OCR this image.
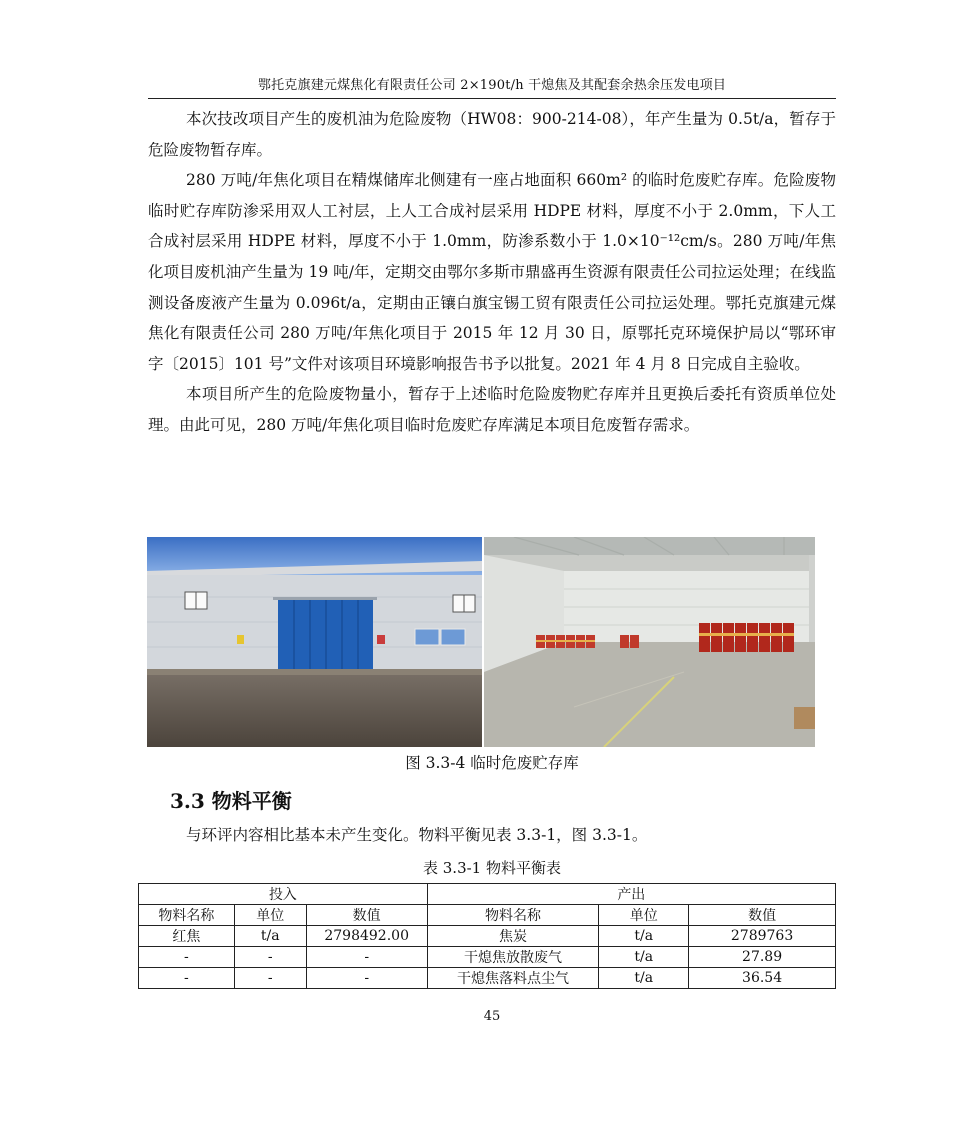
鄂托克旗建元煤焦化有限责任公司 2×190t/h 干熄焦及其配套余热余压发电项目

本次技改项目产生的废机油为危险废物（HW08：900-214-08），年产生量为 0.5t/a，暂存于危险废物暂存库。

280 万吨/年焦化项目在精煤储库北侧建有一座占地面积 660m² 的临时危废贮存库。危险废物临时贮存库防渗采用双人工衬层，上人工合成衬层采用 HDPE 材料，厚度不小于 2.0mm，下人工合成衬层采用 HDPE 材料，厚度不小于 1.0mm，防渗系数小于 1.0×10⁻¹²cm/s。280 万吨/年焦化项目废机油产生量为 19 吨/年，定期交由鄂尔多斯市鼎盛再生资源有限责任公司拉运处理；在线监测设备废液产生量为 0.096t/a，定期由正镶白旗宝锡工贸有限责任公司拉运处理。鄂托克旗建元煤焦化有限责任公司 280 万吨/年焦化项目于 2015 年 12 月 30 日，原鄂托克环境保护局以“鄂环审字〔2015〕101 号”文件对该项目环境影响报告书予以批复。2021 年 4 月 8 日完成自主验收。

本项目所产生的危险废物量小，暂存于上述临时危险废物贮存库并且更换后委托有资质单位处理。由此可见，280 万吨/年焦化项目临时危废贮存库满足本项目危废暂存需求。

图 3.3-4 临时危废贮存库
3.3 物料平衡
与环评内容相比基本未产生变化。物料平衡见表 3.3-1，图 3.3-1。
表 3.3-1 物料平衡表
投入			产出		
物料名称	单位	数值	物料名称	单位	数值
红焦	t/a	2798492.00	焦炭	t/a	2789763
-	-	-	干熄焦放散废气	t/a	27.89
-	-	-	干熄焦落料点尘气	t/a	36.54
45
